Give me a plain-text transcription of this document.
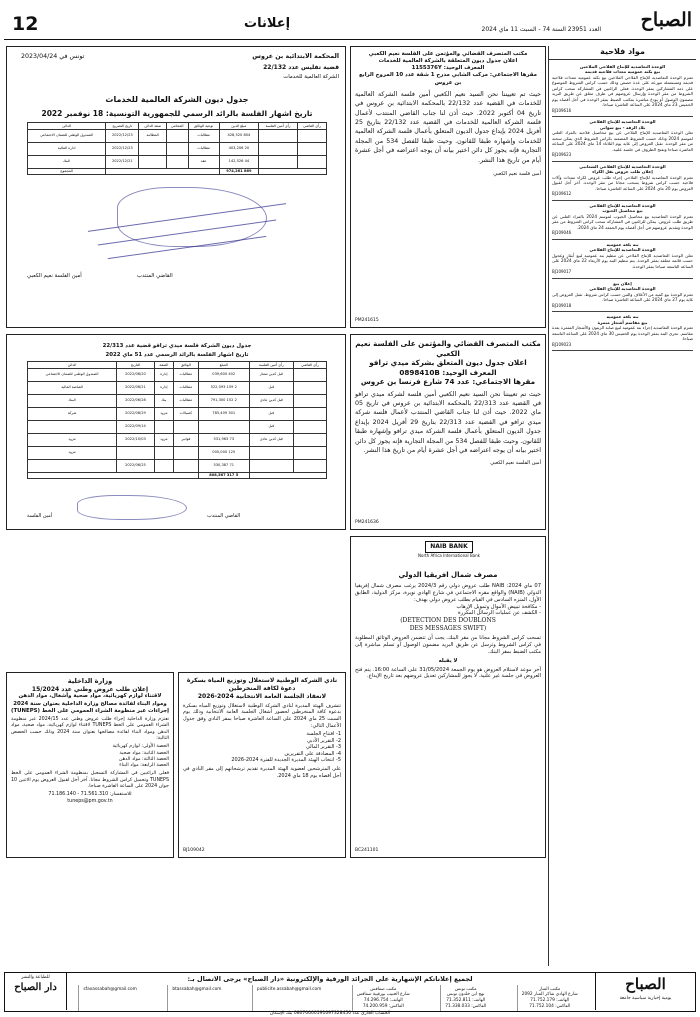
12	إعلانات	الصباح
العدد 23951 السنة 74 - السبت 11 ماي 2024
مواد فلاحية
الوحدة التعاضدية للإنتاج الفلاحي الملاحين
بيع بكتة عمومية معدات فلاحية قديمة
تعتزم الوحدة التعاضدية للإنتاج الفلاحي الملاحين بيع بكتة عمومية معدات فلاحية قديمة ومستعملة موزعة على عدة حصص وذلك حسب كراس الشروط الموضوع على ذمة المشاركين بمقر الوحدة. فعلى الراغبين في المشاركة سحب كراس الشروط من مقر الوحدة وإرسال عروضهم في ظرف مغلق عن طريق البريد مضمون الوصول أو يودع مباشرة بمكتب الضبط بمقر الوحدة في أجل أقصاه يوم الخميس 23 ماي 2024 على الساعة العاشرة صباحا.
BJ109616
الوحدة التعاضدية للإنتاج الفلاحي
بلاد الرقة - بيع سواني
تعلن الوحدة التعاضدية للإنتاج الفلاحي عن بيع محاصيل فلاحية بالمزاد العلني لموسم 2024 وذلك حسب الشروط المضمنة بكراس الشروط الذي يمكن سحبه من مقر الوحدة. تقبل العروض إلى غاية يوم الثلاثاء 14 ماي 2024 على الساعة العاشرة صباحا وتفتح الظروف في جلسة علنية.
BJ109623
الوحدة التعاضدية للإنتاج الفلاحي الشعانبي
إعلان طلب عروض نقل الكراء
تعتزم الوحدة التعاضدية للإنتاج الفلاحي إجراء طلب عروض لكراء معدات وآلات فلاحية حسب كراس شروط يسحب مجانا من مقر الوحدة. آخر أجل لقبول العروض يوم 20 ماي 2024 على الساعة العاشرة صباحا.
BJ109612
الوحدة التعاضدية للإنتاج الفلاحي
بيع محاصيل الحبوب
تعتزم الوحدة التعاضدية بيع محاصيل الحبوب لموسم 2024 بالمزاد العلني عن طريق طلب عروض. يمكن للراغبين في المشاركة سحب كراس الشروط من مقر الوحدة وتقديم عروضهم في أجل أقصاه يوم الجمعة 24 ماي 2024.
BJ109046
بتة بلغة عمومية
الوحدة التعاضدية للإنتاج الفلاحي
تعلن الوحدة التعاضدية للإنتاج الفلاحي عن تنظيم بتة عمومية لبيع أبقار وعجول حسب قائمة معلقة بمقر الوحدة. يتم تنظيم البتة يوم الأربعاء 22 ماي 2024 على الساعة التاسعة صباحا بمقر الوحدة.
BJ109017
إعلان بيع
الوحدة التعاضدية للإنتاج الفلاحي
تعتزم الوحدة بيع كمية من الأعلاف والتبن حسب كراس شروط. تقبل العروض إلى غاية يوم 27 ماي 2024 على الساعة العاشرة صباحا.
BJ109018
بتة بلغة عمومية
بيع مقاسم أشجار مثمرة
تعتزم الوحدة التعاضدية إجراء بتة عمومية لبيع صابة الزيتون والأشجار المثمرة بعدة مقاسم. تجرى البتة بمقر الوحدة يوم الخميس 30 ماي 2024 على الساعة التاسعة صباحا.
BJ109023
مكتب المتصرف القضائي والمؤتمن على الفلسة نعيم الكعبي
اعلان جدول ديون المتعلقة بالشركة العالمية للخدمات
المعرف الوحيد: 1155376Y
مقرها الاجتماعي: مركب الشابي مدرج 1 شقة عدد 10 المروج الرابع بن عروس
حيث تم تعييننا نحن السيد نعيم الكعبي أمين فلسة الشركة العالمية للخدمات في القضية عدد 22/132 بالمحكمة الابتدائية بن عروس في تاريخ 04 أكتوبر 2022. حيث أذن لنا جناب القاضي المنتدب لأعمال فلسة الشركة العالمية للخدمات في القضية عدد 22/132 بتاريخ 25 أفريل 2024 بإيداع جدول الديون المتعلق بأعمال فلسة الشركة العالمية للخدمات وإشهاره طبقا للقانون. وحيث طبقا للفصل 534 من المجلة التجارية فإنه يجوز كل دائن اختير بيانه أن يوجه اعتراضه في أجل عشرة أيام من تاريخ هذا النشر.
أمين فلسة نعيم الكعبي
PM241615
المحكمة الابتدائية بن عروس
تونس في 2023/04/24
قضية تفليس عدد 22/132
الشركة العالمية للخدمات
جدول ديون الشركة العالمية للخدمات
تاريخ اشهار الفلسة بالرائد الرسمي للجمهورية التونسية: 18 نوفمبر 2022
رأي القاضي	رأي أمين الفلسة	مبلغ الدين	نوعية الوثائق	المحامي	صفة الدائن	تاريخ التصريح	الدائن
		804 428,520	مطالبات		المطالبة	2022/12/23	الصندوق الوطني للضمان الاجتماعي
		20 403,206	مطالبات			2022/12/23	ادارة المالية
		44 142,526	عقد			2022/12/21	البنك
		869 974,261					المجموع
أمين الفلسة نعيم الكعبي	القاضي المنتدب
مكتب المتصرف القضائي والمؤتمن على الفلسة نعيم الكعبي
اعلان جدول ديون المتعلق بشركة ميدي ترافو
المعرف الوحيد: 0898410B
مقرها الاجتماعي: عدد 74 شارع فرنسا بن عروس
حيث تم تعييننا نحن السيد نعيم الكعبي أمين فلسة لشركة ميدي ترافو في القضية عدد 22/313 بالمحكمة الابتدائية بن عروس في تاريخ 05 ماي 2022. حيث أذن لنا جناب القاضي المنتدب لأعمال فلسة شركة ميدي ترافو في القضية عدد 22/313 بتاريخ 29 أفريل 2024 بإيداع جدول الديون المتعلق بأعمال فلسة الشركة ميدي ترافو وإشهاره طبقا للقانون. وحيث طبقا للفصل 534 من المجلة التجارية فإنه يجوز كل دائن اختير بيانه أن يوجه اعتراضه في أجل عشرة أيام من تاريخ هذا النشر.
أمين الفلسة نعيم الكعبي
PM241636
جدول ديون الشركة فلسة ميدي ترافو قضية عدد 22/313
تاريخ اشهار الفلسة بالرائد الرسمي عدد 51 ماي 2022
رأي القاضي	رأي أمين الفلسة	المبلغ	الوثائق	الصفة	التاريخ	الدائن
	قبل كدين ممتاز	402 039,600	مطالبات	إدارة	2022/06/20	الصندوق الوطني للضمان الاجتماعي
	قبل	2 159 522,093	مطالبات	إدارة	2022/06/21	القباضة المالية
	قبل كدين عادي	2 152 791,300	مطالبات	بنك	2022/06/28	البنك
	قبل	301 785,409	كمبيالات	مزود	2022/08/29	شركة
	قبل				2022/09/14	
	قبل كدين عادي	73 531,963	فواتير	مزود	2022/10/03	مزود
		125 000,000				مزود
		71 530,387			2022/06/25	
		5 317 808,567				
أمين الفلسة	القاضي المنتدب
NAIB BANK
North Africa International Bank
مصرف شمال افريقيا الدولي
07 ماي 2024: NAIB طلب عروض دولي رقم 2024/3 يرغب مصرف شمال إفريقيا الدولي (NAIB) والواقع مقره الاجتماعي في شارع الهادي نويرة، مركز الدولية، الطابق الأول، المنزه السادس في القيام بطلب عروض دولي بهدف:
- مكافحة تبييض الأموال وتمويل الإرهاب
- الكشف عن عمليات الرسائل المكررة
(DETECTION DES DOUBLONS
DES MESSAGES SWIFT)
تسحب كراس الشروط مجانا من مقر البنك. يجب أن تتضمن العروض الوثائق المطلوبة في كراس الشروط وترسل عن طريق البريد مضمون الوصول أو تسلم مباشرة إلى مكتب الضبط بمقر البنك.
لا يقبله
آخر موعد لاستلام العروض هو يوم الجمعة 31/05/2024 على الساعة 16:00. يتم فتح العروض في جلسة غير علنية. لا يجوز للمشاركين تعديل عروضهم بعد تاريخ الإيداع.
BC241101
نادي الشركة الوطنية لاستغلال وتوزيع المياه بسكرة
دعوة لكافة المنخرطين
لانعقاد الجلسة العامة الانتخابية 2024-2026
تتشرف الهيئة المديرة لنادي الشركة الوطنية لاستغلال وتوزيع المياه بسكرة بدعوة كافة المنخرطين لحضور أشغال الجلسة العامة الانتخابية وذلك يوم السبت 25 ماي 2024 على الساعة العاشرة صباحا بمقر النادي وفق جدول الأعمال التالي:
1- افتتاح الجلسة
2- التقرير الأدبي
3- التقرير المالي
4- المصادقة على التقريرين
5- انتخاب الهيئة المديرة الجديدة للفترة 2024-2026
على المترشحين لعضوية الهيئة المديرة تقديم ترشحاتهم إلى مقر النادي في أجل أقصاه يوم 18 ماي 2024.
BJ109042
وزارة الداخلية
إعلان طلب عروض وطني عدد 15/2024
لاقتناء لوازم كهربائية، مواد صحية وأشغال، مواد الدهن
ومواد البناء لفائدة مصالح وزارة الداخلية بعنوان سنة 2024
إجراءات عبر منظومة الشراء العمومي على الخط (TUNEPS)
تعتزم وزارة الداخلية إجراء طلب عروض وطني عدد 2024/15 عبر منظومة الشراء العمومي على الخط TUNEPS لاقتناء لوازم كهربائية، مواد صحية، مواد الدهن ومواد البناء لفائدة مصالحها بعنوان سنة 2024 وذلك حسب الحصص التالية:
الحصة الأولى: لوازم كهربائية
الحصة الثانية: مواد صحية
الحصة الثالثة: مواد الدهن
الحصة الرابعة: مواد البناء
فعلى الراغبين في المشاركة التسجيل بمنظومة الشراء العمومي على الخط TUNEPS وتحميل كراس الشروط مجانا. آخر أجل لقبول العروض يوم الاثنين 10 جوان 2024 على الساعة العاشرة صباحا.
للاستفسار: 71.561.310 - 71.186.140
tuneps@pm.gov.tn
الصباح
يومية إخبارية سياسية جامعة
لجميع إعلاناتكم الإشهارية على الجرائد الورقية والإلكترونية «دار الصباح» يرجى الاتصال بـ:
مكتب المنار
شارع الهادي شاكر المنار 2092
الهاتف: 71.752.179
الفاكس: 71.752.104
مكتب تونس
نهج ابن خلدون تونس
الهاتف: 71.352.811
الفاكس: 71.338.033
مكتب صفاقس
شارع الحبيب بورقيبة صفاقس
الهاتف: 74.296.754
الفاكس: 74.200.959
publicite.assabah@gmail.com
btassabah@gmail.com
sfaxassabah@gmail.com
الحساب الجاري عدد 08070000591097328450 بنك الإسكان
للطباعة والنشر
دار الصباح
